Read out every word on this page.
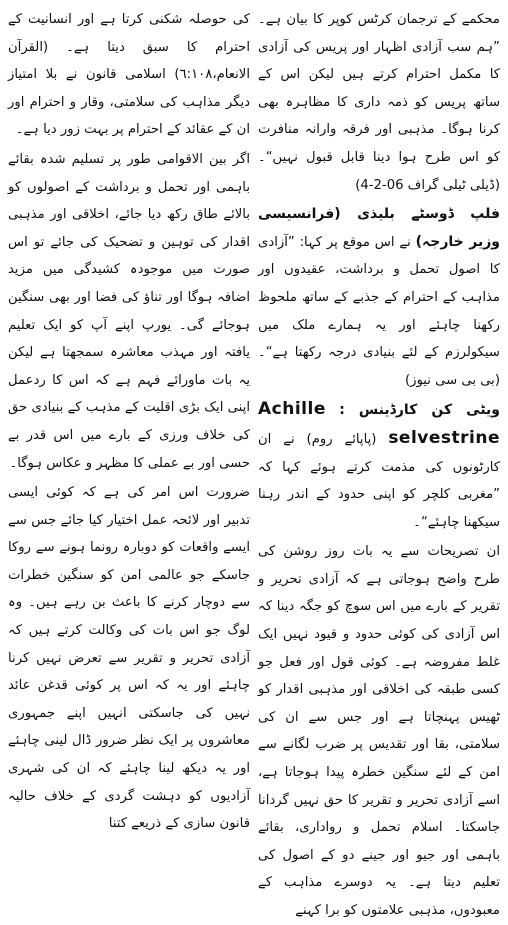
محکمے کے ترجمان کرٹس کوپر کا بیان ہے۔ ”ہم سب آزادی اظہار اور پریس کی آزادی کا مکمل احترام کرتے ہیں لیکن اس کے ساتھ پریس کو ذمہ داری کا مظاہرہ بھی کرنا ہوگا۔ مذہبی اور فرقہ وارانہ منافرت کو اس طرح ہوا دینا قابل قبول نہیں“۔ (ڈیلی ٹیلی گراف 06-2-4)

فلپ ڈوسٹے بلیذی (فرانسیسی وزیر خارجہ) نے اس موقع پر کہا: ”آزادی کا اصول تحمل و برداشت، عقیدوں اور مذاہب کے احترام کے جذبے کے ساتھ ملحوظ رکھنا چاہئے اور یہ ہمارے ملک میں سیکولرزم کے لئے بنیادی درجہ رکھتا ہے“۔ (بی بی سی نیوز)

ویٹی کن کارڈینس : Achille selvestrine (پاپائے روم) نے ان کارٹونوں کی مذمت کرتے ہوئے کہا کہ ”مغربی کلچر کو اپنی حدود کے اندر رہنا سیکھنا چاہئے“۔

ان تصریحات سے یہ بات روز روشن کی طرح واضح ہوجاتی ہے کہ آزادی تحریر و تقریر کے بارے میں اس سوچ کو جگہ دینا کہ اس آزادی کی کوئی حدود و قیود نہیں ایک غلط مفروضہ ہے۔ کوئی قول اور فعل جو کسی طبقہ کی اخلاقی اور مذہبی اقدار کو ٹھیس پہنچاتا ہے اور جس سے ان کی سلامتی، بقا اور تقدیس پر ضرب لگانے سے امن کے لئے سنگین خطرہ پیدا ہوجاتا ہے، اسے آزادی تحریر و تقریر کا حق نہیں گردانا جاسکتا۔ اسلام تحمل و رواداری، بقائے باہمی اور جیو اور جینے دو کے اصول کی تعلیم دیتا ہے۔ یہ دوسرے مذاہب کے معبودوں، مذہبی علامتوں کو برا کہنے

کی حوصلہ شکنی کرتا ہے اور انسانیت کے احترام کا سبق دیتا ہے۔ (القرآن الانعام،٦:۱۰۸) اسلامی قانون نے بلا امتیاز دیگر مذاہب کی سلامتی، وقار و احترام اور ان کے عقائد کے احترام پر بہت زور دیا ہے۔

اگر بین الاقوامی طور پر تسلیم شدہ بقائے باہمی اور تحمل و برداشت کے اصولوں کو بالائے طاق رکھ دیا جائے، اخلاقی اور مذہبی اقدار کی توہین و تضحیک کی جائے تو اس صورت میں موجودہ کشیدگی میں مزید اضافہ ہوگا اور تناؤ کی فضا اور بھی سنگین ہوجائے گی۔ یورپ اپنے آپ کو ایک تعلیم یافتہ اور مہذب معاشرہ سمجھتا ہے لیکن یہ بات ماورائے فہم ہے کہ اس کا ردعمل اپنی ایک بڑی اقلیت کے مذہب کے بنیادی حق کی خلاف ورزی کے بارے میں اس قدر بے حسی اور بے عملی کا مظہر و عکاس ہوگا۔

ضرورت اس امر کی ہے کہ کوئی ایسی تدبیر اور لائحہ عمل اختیار کیا جائے جس سے ایسے واقعات کو دوبارہ رونما ہونے سے روکا جاسکے جو عالمی امن کو سنگین خطرات سے دوچار کرنے کا باعث بن رہے ہیں۔ وہ لوگ جو اس بات کی وکالت کرتے ہیں کہ آزادی تحریر و تقریر سے تعرض نہیں کرنا چاہئے اور یہ کہ اس پر کوئی قدغن عائد نہیں کی جاسکتی انہیں اپنے جمہوری معاشروں پر ایک نظر ضرور ڈال لینی چاہئے اور یہ دیکھ لینا چاہئے کہ ان کی شہری آزادیوں کو دہشت گردی کے خلاف حالیہ قانون سازی کے ذریعے کتنا
